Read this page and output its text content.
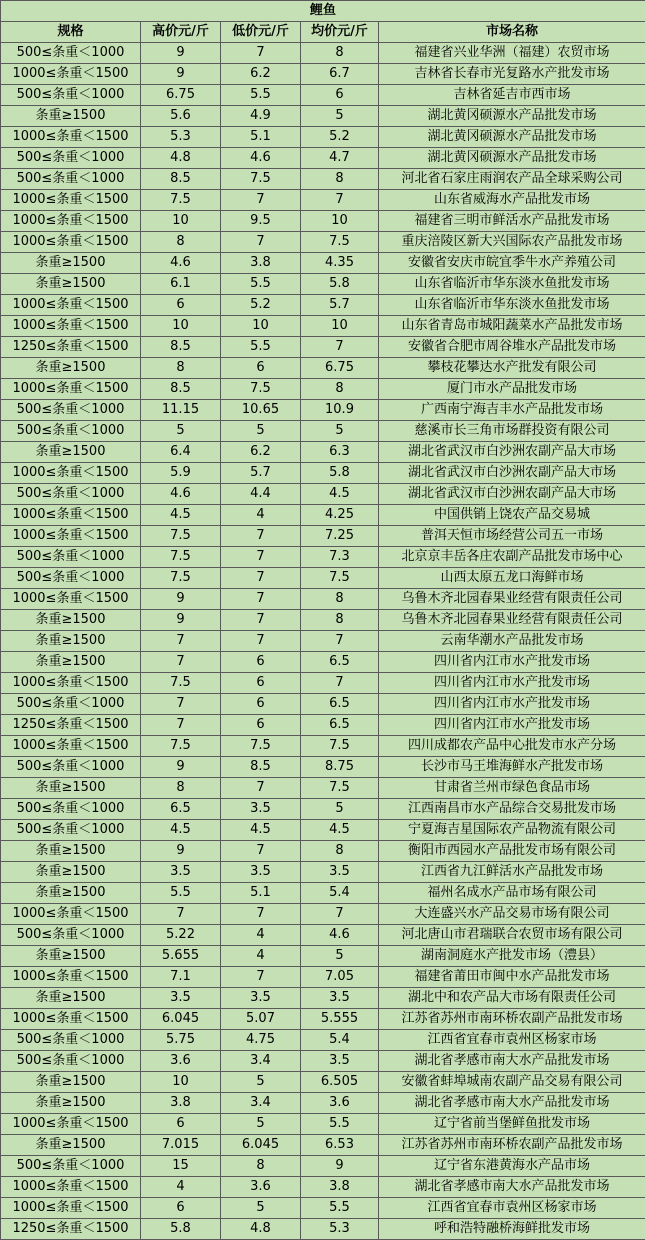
鲤鱼				
规格	高价元/斤	低价元/斤	均价元/斤	市场名称
500≤条重＜1000	9	7	8	福建省兴业华洲（福建）农贸市场
1000≤条重＜1500	9	6.2	6.7	吉林省长春市光复路水产批发市场
500≤条重＜1000	6.75	5.5	6	吉林省延吉市西市场
条重≥1500	5.6	4.9	5	湖北黄冈硕源水产品批发市场
1000≤条重＜1500	5.3	5.1	5.2	湖北黄冈硕源水产品批发市场
500≤条重＜1000	4.8	4.6	4.7	湖北黄冈硕源水产品批发市场
500≤条重＜1000	8.5	7.5	8	河北省石家庄雨润农产品全球采购公司
1000≤条重＜1500	7.5	7	7	山东省威海水产品批发市场
1000≤条重＜1500	10	9.5	10	福建省三明市鲜活水产品批发市场
1000≤条重＜1500	8	7	7.5	重庆涪陵区新大兴国际农产品批发市场
条重≥1500	4.6	3.8	4.35	安徽省安庆市皖宜季牛水产养殖公司
条重≥1500	6.1	5.5	5.8	山东省临沂市华东淡水鱼批发市场
1000≤条重＜1500	6	5.2	5.7	山东省临沂市华东淡水鱼批发市场
1000≤条重＜1500	10	10	10	山东省青岛市城阳蔬菜水产品批发市场
1250≤条重＜1500	8.5	5.5	7	安徽省合肥市周谷堆水产品批发市场
条重≥1500	8	6	6.75	攀枝花攀达水产批发有限公司
1000≤条重＜1500	8.5	7.5	8	厦门市水产品批发市场
500≤条重＜1000	11.15	10.65	10.9	广西南宁海吉丰水产品批发市场
500≤条重＜1000	5	5	5	慈溪市长三角市场群投资有限公司
条重≥1500	6.4	6.2	6.3	湖北省武汉市白沙洲农副产品大市场
1000≤条重＜1500	5.9	5.7	5.8	湖北省武汉市白沙洲农副产品大市场
500≤条重＜1000	4.6	4.4	4.5	湖北省武汉市白沙洲农副产品大市场
1000≤条重＜1500	4.5	4	4.25	中国供销上饶农产品交易城
1000≤条重＜1500	7.5	7	7.25	普洱天恒市场经营公司五一市场
500≤条重＜1000	7.5	7	7.3	北京京丰岳各庄农副产品批发市场中心
500≤条重＜1000	7.5	7	7.5	山西太原五龙口海鲜市场
1000≤条重＜1500	9	7	8	乌鲁木齐北园春果业经营有限责任公司
条重≥1500	9	7	8	乌鲁木齐北园春果业经营有限责任公司
条重≥1500	7	7	7	云南华潮水产品批发市场
条重≥1500	7	6	6.5	四川省内江市水产批发市场
1000≤条重＜1500	7.5	6	7	四川省内江市水产批发市场
500≤条重＜1000	7	6	6.5	四川省内江市水产批发市场
1250≤条重＜1500	7	6	6.5	四川省内江市水产批发市场
1000≤条重＜1500	7.5	7.5	7.5	四川成都农产品中心批发市水产分场
500≤条重＜1000	9	8.5	8.75	长沙市马王堆海鲜水产批发市场
条重≥1500	8	7	7.5	甘肃省兰州市绿色食品市场
500≤条重＜1000	6.5	3.5	5	江西南昌市水产品综合交易批发市场
500≤条重＜1000	4.5	4.5	4.5	宁夏海吉星国际农产品物流有限公司
条重≥1500	9	7	8	衡阳市西园水产品批发市场有限公司
条重≥1500	3.5	3.5	3.5	江西省九江鲜活水产品批发市场
条重≥1500	5.5	5.1	5.4	福州名成水产品市场有限公司
1000≤条重＜1500	7	7	7	大连盛兴水产品交易市场有限公司
500≤条重＜1000	5.22	4	4.6	河北唐山市君瑞联合农贸市场有限公司
条重≥1500	5.655	4	5	湖南洞庭水产批发市场（澧县）
1000≤条重＜1500	7.1	7	7.05	福建省莆田市闽中水产品批发市场
条重≥1500	3.5	3.5	3.5	湖北中和农产品大市场有限责任公司
1000≤条重＜1500	6.045	5.07	5.555	江苏省苏州市南环桥农副产品批发市场
500≤条重＜1000	5.75	4.75	5.4	江西省宜春市袁州区杨家市场
500≤条重＜1000	3.6	3.4	3.5	湖北省孝感市南大水产品批发市场
条重≥1500	10	5	6.505	安徽省蚌埠城南农副产品交易有限公司
条重≥1500	3.8	3.4	3.6	湖北省孝感市南大水产品批发市场
1000≤条重＜1500	6	5	5.5	辽宁省前当堡鲜鱼批发市场
条重≥1500	7.015	6.045	6.53	江苏省苏州市南环桥农副产品批发市场
500≤条重＜1000	15	8	9	辽宁省东港黄海水产品市场
1000≤条重＜1500	4	3.6	3.8	湖北省孝感市南大水产品批发市场
1000≤条重＜1500	6	5	5.5	江西省宜春市袁州区杨家市场
1250≤条重＜1500	5.8	4.8	5.3	呼和浩特融桥海鲜批发市场
